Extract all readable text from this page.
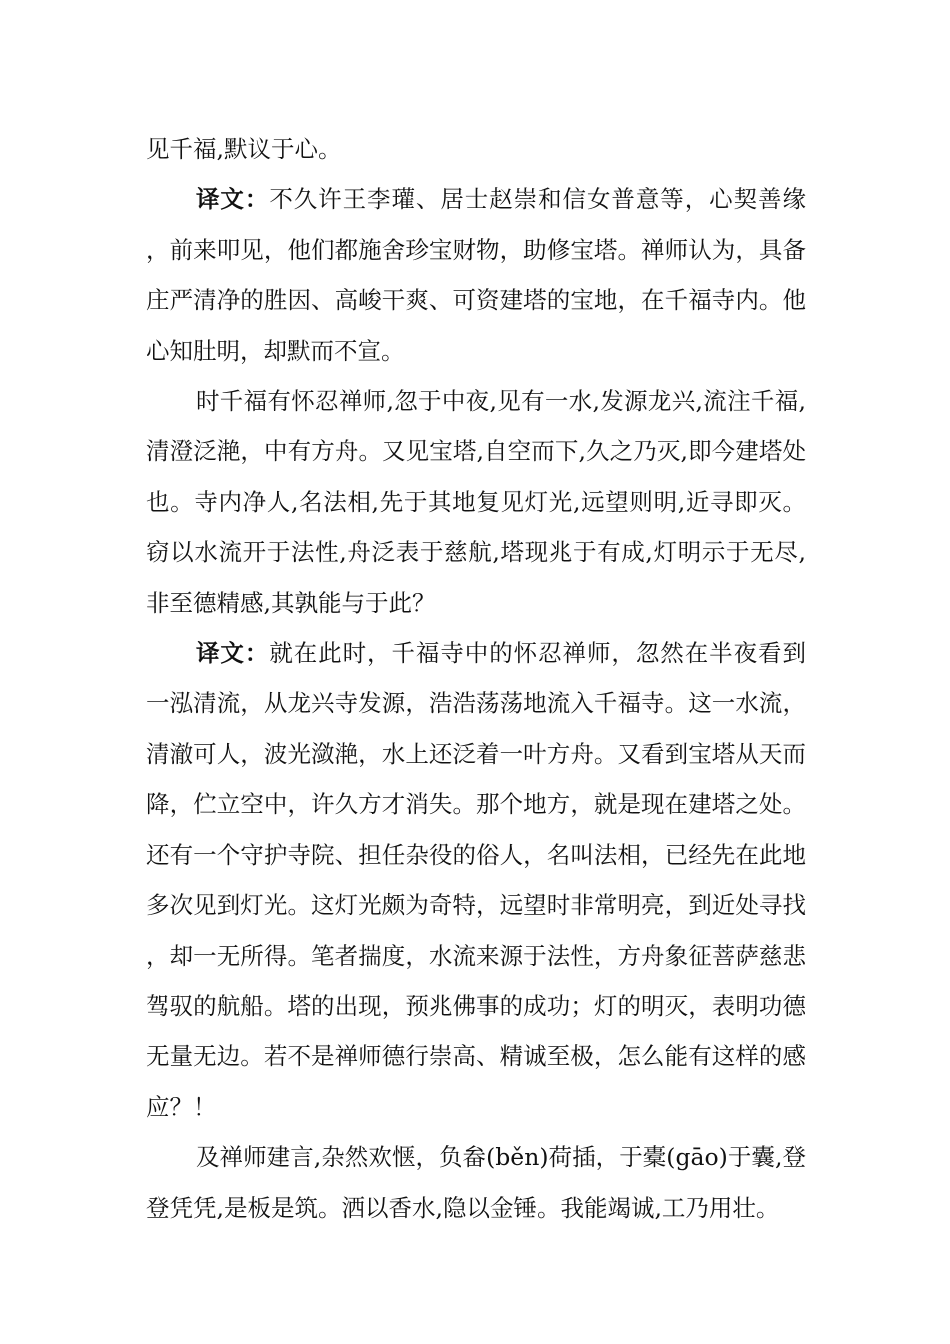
见千福,默议于心。

译文：不久许王李瓘、居士赵崇和信女普意等，心契善缘，前来叩见，他们都施舍珍宝财物，助修宝塔。禅师认为，具备庄严清净的胜因、高峻干爽、可资建塔的宝地，在千福寺内。他心知肚明，却默而不宣。

时千福有怀忍禅师,忽于中夜,见有一水,发源龙兴,流注千福,清澄泛滟，中有方舟。又见宝塔,自空而下,久之乃灭,即今建塔处也。寺内净人,名法相,先于其地复见灯光,远望则明,近寻即灭。窃以水流开于法性,舟泛表于慈航,塔现兆于有成,灯明示于无尽,非至德精感,其孰能与于此？

译文：就在此时，千福寺中的怀忍禅师，忽然在半夜看到一泓清流，从龙兴寺发源，浩浩荡荡地流入千福寺。这一水流，清澈可人，波光潋滟，水上还泛着一叶方舟。又看到宝塔从天而降，伫立空中，许久方才消失。那个地方，就是现在建塔之处。还有一个守护寺院、担任杂役的俗人，名叫法相，已经先在此地多次见到灯光。这灯光颇为奇特，远望时非常明亮，到近处寻找，却一无所得。笔者揣度，水流来源于法性，方舟象征菩萨慈悲驾驭的航船。塔的出现，预兆佛事的成功；灯的明灭，表明功德无量无边。若不是禅师德行崇高、精诚至极，怎么能有这样的感应？！

及禅师建言,杂然欢惬，负畚(běn)荷插，于橐(gāo)于囊,登登凭凭,是板是筑。洒以香水,隐以金锤。我能竭诚,工乃用壮。
